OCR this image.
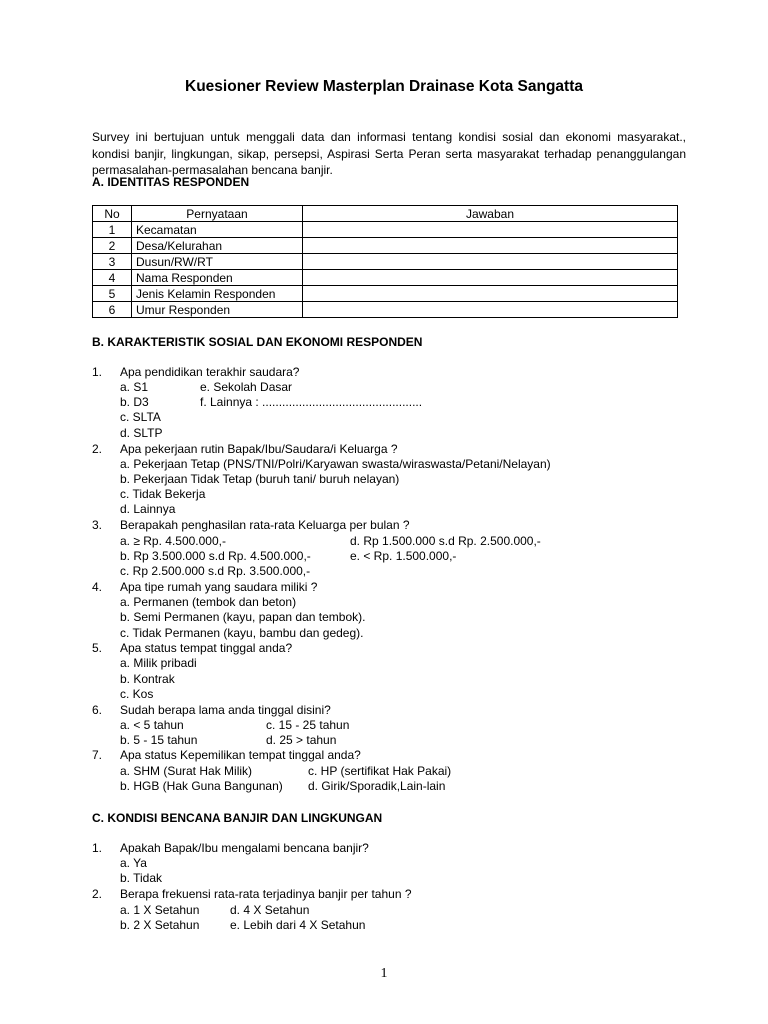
Kuesioner Review Masterplan Drainase Kota Sangatta
Survey ini bertujuan untuk menggali data dan informasi tentang kondisi sosial dan ekonomi masyarakat., kondisi banjir, lingkungan, sikap, persepsi, Aspirasi Serta Peran serta masyarakat terhadap penanggulangan permasalahan-permasalahan bencana banjir.
A. IDENTITAS RESPONDEN
No	Pernyataan	Jawaban
1	Kecamatan	
2	Desa/Kelurahan	
3	Dusun/RW/RT	
4	Nama Responden	
5	Jenis Kelamin Responden	
6	Umur Responden	
B. KARAKTERISTIK SOSIAL DAN EKONOMI RESPONDEN
1. Apa pendidikan terakhir saudara?
a. S1	e. Sekolah Dasar
b. D3	f. Lainnya : ................................................
c. SLTA
d. SLTP
2. Apa pekerjaan rutin Bapak/Ibu/Saudara/i Keluarga ?
a. Pekerjaan Tetap (PNS/TNI/Polri/Karyawan swasta/wiraswasta/Petani/Nelayan)
b. Pekerjaan Tidak Tetap (buruh tani/ buruh nelayan)
c. Tidak Bekerja
d. Lainnya
3. Berapakah penghasilan rata-rata Keluarga per bulan ?
a. ≥ Rp. 4.500.000,-	d. Rp 1.500.000 s.d Rp. 2.500.000,-
b. Rp 3.500.000 s.d Rp. 4.500.000,-	e. < Rp. 1.500.000,-
c. Rp 2.500.000 s.d Rp. 3.500.000,-
4. Apa tipe rumah yang saudara miliki ?
a. Permanen (tembok dan beton)
b. Semi Permanen (kayu, papan dan tembok).
c. Tidak Permanen (kayu, bambu dan gedeg).
5. Apa status tempat tinggal anda?
a. Milik pribadi
b. Kontrak
c. Kos
6. Sudah berapa lama anda tinggal disini?
a. < 5 tahun	c. 15 - 25 tahun
b. 5 - 15 tahun	d. 25 > tahun
7. Apa status Kepemilikan tempat tinggal anda?
a. SHM (Surat Hak Milik)	c. HP (sertifikat Hak Pakai)
b. HGB (Hak Guna Bangunan) d. Girik/Sporadik,Lain-lain
C. KONDISI BENCANA BANJIR DAN LINGKUNGAN
1. Apakah Bapak/Ibu mengalami bencana banjir?
a. Ya
b. Tidak
2. Berapa frekuensi rata-rata terjadinya banjir per tahun ?
a. 1 X Setahun	d. 4 X Setahun
b. 2 X Setahun	e. Lebih dari 4 X Setahun
1
